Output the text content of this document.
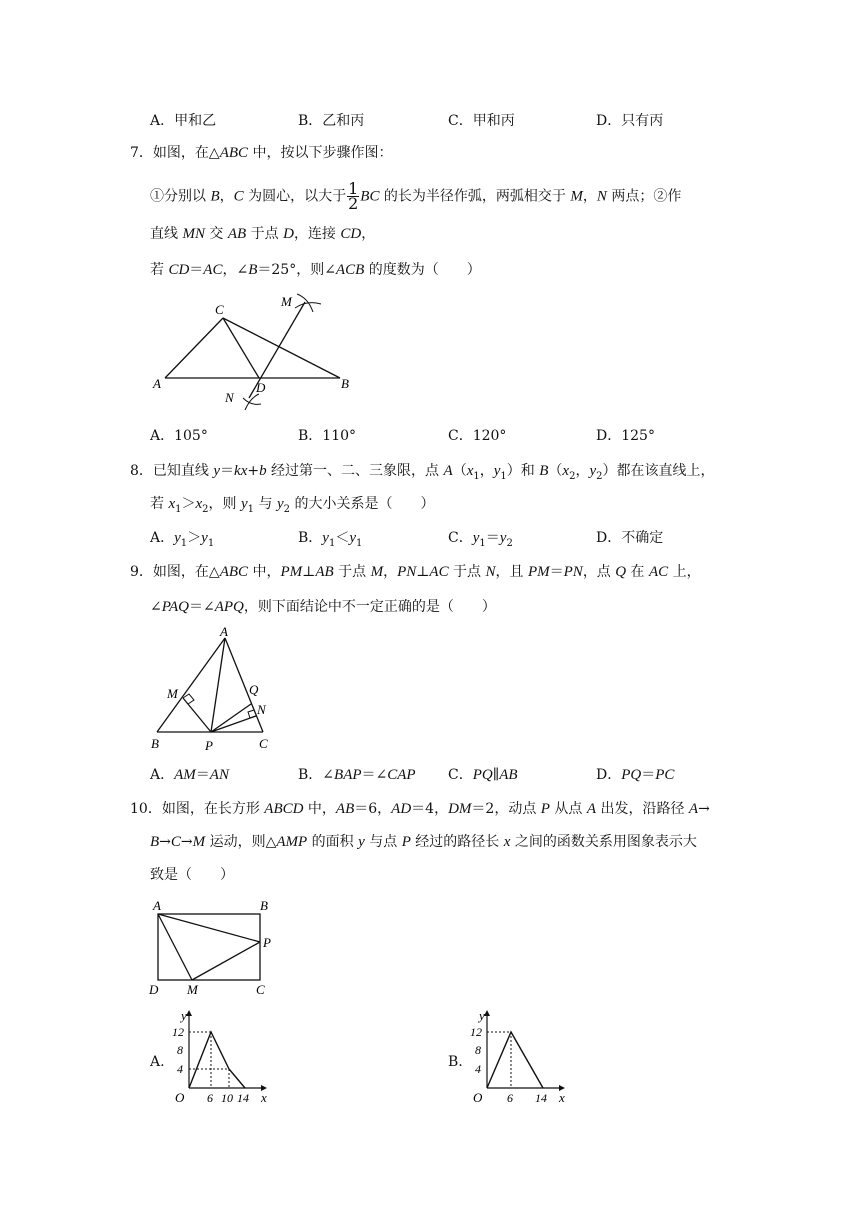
A．甲和乙	B．乙和丙	C．甲和丙	D．只有丙
7．如图，在△ABC 中，按以下步骤作图：
①分别以 B，C 为圆心，以大于 $\frac{1}{2}$ BC 的长为半径作弧，两弧相交于 M，N 两点；②作
直线 MN 交 AB 于点 D，连接 CD，
若 CD＝AC，∠B＝25°，则∠ACB 的度数为（　　）
A	B
C
D
M
N
A．105°	B．110°	C．120°	D．125°
8．已知直线 y＝kx+b 经过第一、二、三象限，点 $A(x_1$，$y_1$）和 $B(x_2$，$y_2$）都在该直线上，
若 $x_1>x_2$，则 $y_1$ 与 $y_2$ 的大小关系是（　　）
A．$y_1>y_1$	B．$y_1<y_1$	C．$y_1=y_2$	D．不确定
9．如图，在△ABC 中，PM⊥AB 于点 M，PN⊥AC 于点 N，且 PM＝PN，点 Q 在 AC 上，
∠PAQ＝∠APQ，则下面结论中不一定正确的是（　　）
A
B	C
M
N
P
Q
A．AM＝AN	B．∠BAP＝∠CAP C．PQ∥AB	D．PQ＝PC
10．如图，在长方形 ABCD 中，AB＝6，AD＝4，DM＝2，动点 P 从点 A 出发，沿路径 A→
B→C→M 运动，则△AMP 的面积 y 与点 P 经过的路径长 x 之间的函数关系用图象表示大
致是（　　）
A	B
C
D M
P
A.
y
12
8
4
O 6 10 14 x
B.
y
12
8
4
O 6 14 x
